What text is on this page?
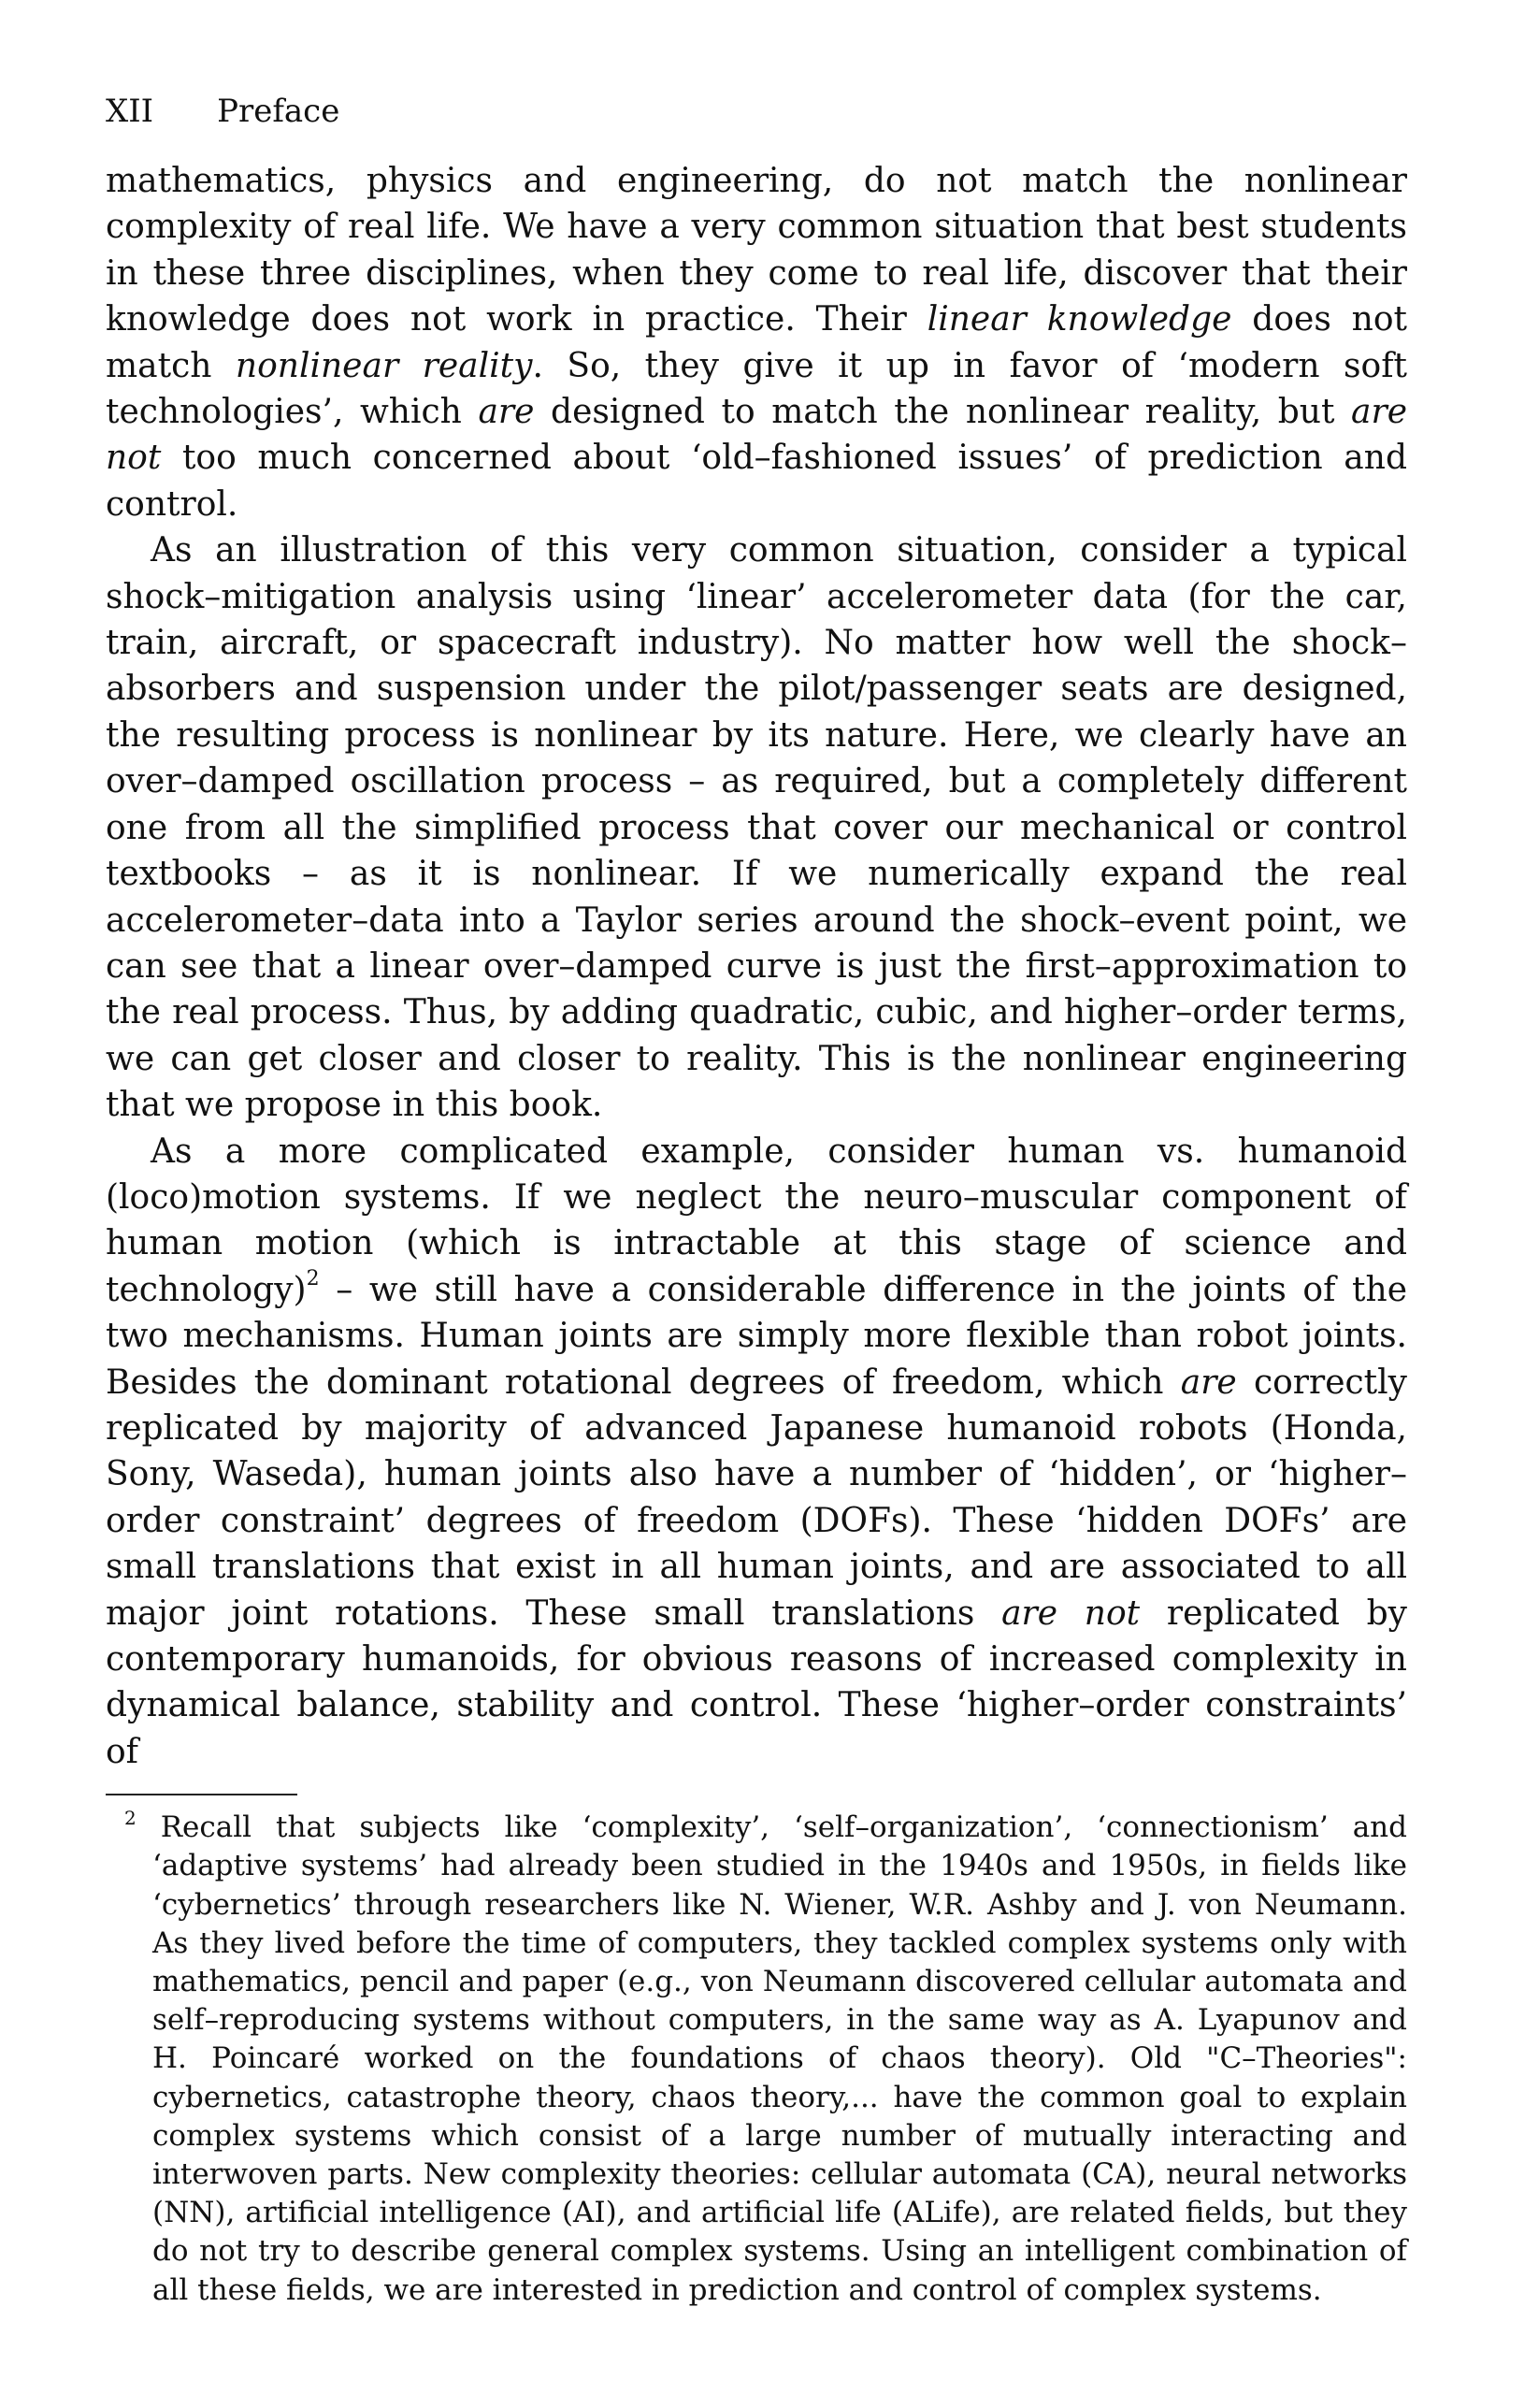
XII Preface

mathematics, physics and engineering, do not match the nonlinear complexity of real life. We have a very common situation that best students in these three disciplines, when they come to real life, discover that their knowledge does not work in practice. Their linear knowledge does not match nonlinear reality. So, they give it up in favor of ‘modern soft technologies’, which are designed to match the nonlinear reality, but are not too much concerned about ‘old–fashioned issues’ of prediction and control.

As an illustration of this very common situation, consider a typical shock–mitigation analysis using ‘linear’ accelerometer data (for the car, train, aircraft, or spacecraft industry). No matter how well the shock–absorbers and suspension under the pilot/passenger seats are designed, the resulting process is nonlinear by its nature. Here, we clearly have an over–damped oscillation process – as required, but a completely different one from all the simplified process that cover our mechanical or control textbooks – as it is nonlinear. If we numerically expand the real accelerometer–data into a Taylor series around the shock–event point, we can see that a linear over–damped curve is just the first–approximation to the real process. Thus, by adding quadratic, cubic, and higher–order terms, we can get closer and closer to reality. This is the nonlinear engineering that we propose in this book.

As a more complicated example, consider human vs. humanoid (loco)motion systems. If we neglect the neuro–muscular component of human motion (which is intractable at this stage of science and technology)$^2$ – we still have a considerable difference in the joints of the two mechanisms. Human joints are simply more flexible than robot joints. Besides the dominant rotational degrees of freedom, which are correctly replicated by majority of advanced Japanese humanoid robots (Honda, Sony, Waseda), human joints also have a number of ‘hidden’, or ‘higher–order constraint’ degrees of freedom (DOFs). These ‘hidden DOFs’ are small translations that exist in all human joints, and are associated to all major joint rotations. These small translations are not replicated by contemporary humanoids, for obvious reasons of increased complexity in dynamical balance, stability and control. These ‘higher–order constraints’ of

$^2$ Recall that subjects like ‘complexity’, ‘self–organization’, ‘connectionism’ and ‘adaptive systems’ had already been studied in the 1940s and 1950s, in fields like ‘cybernetics’ through researchers like N. Wiener, W.R. Ashby and J. von Neumann. As they lived before the time of computers, they tackled complex systems only with mathematics, pencil and paper (e.g., von Neumann discovered cellular automata and self–reproducing systems without computers, in the same way as A. Lyapunov and H. Poincaré worked on the foundations of chaos theory). Old "C–Theories": cybernetics, catastrophe theory, chaos theory,... have the common goal to explain complex systems which consist of a large number of mutually interacting and interwoven parts. New complexity theories: cellular automata (CA), neural networks (NN), artificial intelligence (AI), and artificial life (ALife), are related fields, but they do not try to describe general complex systems. Using an intelligent combination of all these fields, we are interested in prediction and control of complex systems.
